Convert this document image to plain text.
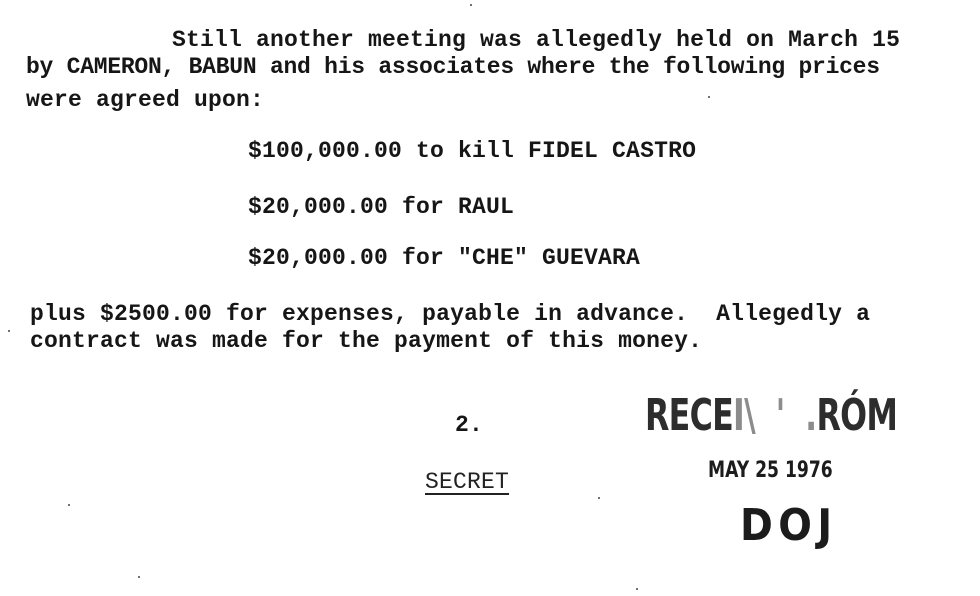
Still another meeting was allegedly held on March 15
by CAMERON, BABUN and his associates where the following prices
were agreed upon:
$100,000.00 to kill FIDEL CASTRO
$20,000.00 for RAUL
$20,000.00 for "CHE" GUEVARA
plus $2500.00 for expenses, payable in advance.  Allegedly a
contract was made for the payment of this money.
2.
SECRET
RECEI\  '  .RÓM
MAY 25 1976
DOJ
